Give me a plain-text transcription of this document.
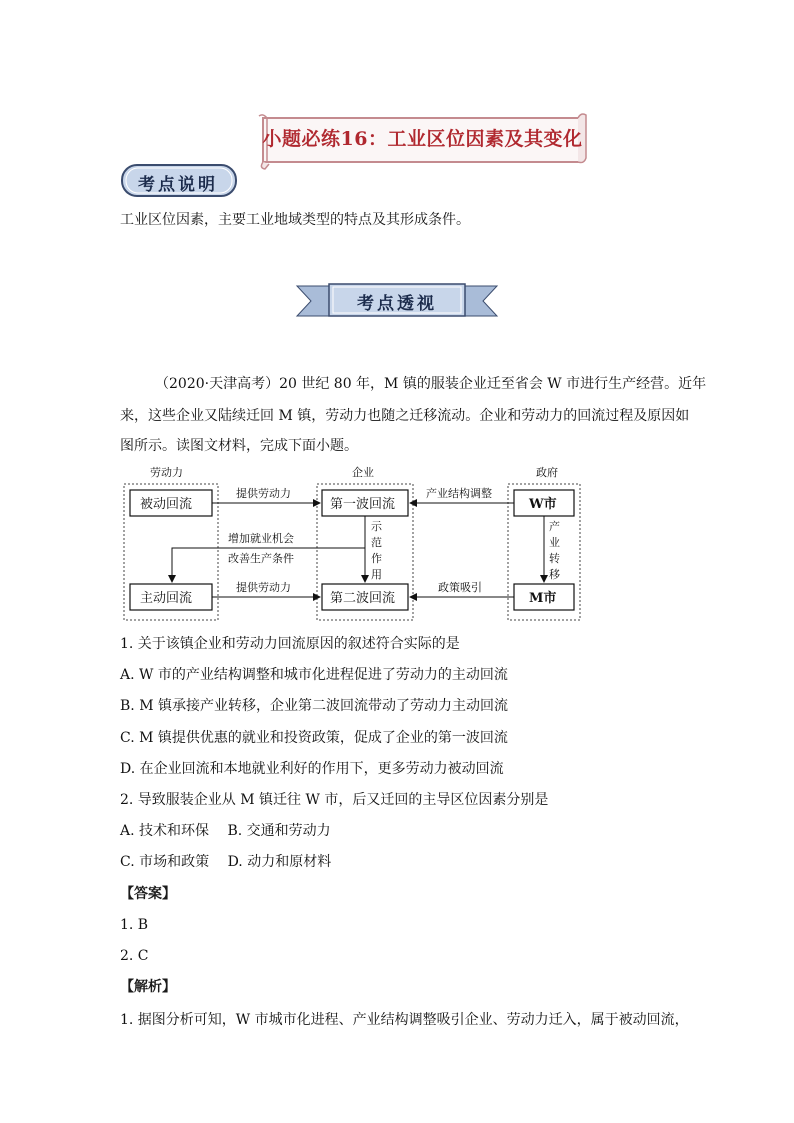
小题必练16：工业区位因素及其变化
考点说明
工业区位因素，主要工业地域类型的特点及其形成条件。
考点透视
（2020·天津高考）20 世纪 80 年，M 镇的服装企业迁至省会 W 市进行生产经营。近年
来，这些企业又陆续迁回 M 镇，劳动力也随之迁移流动。企业和劳动力的回流过程及原因如
图所示。读图文材料，完成下面小题。
劳动力	企业	政府
被动回流	第一波回流	W市
主动回流	第二波回流	M市
提供劳动力
提供劳动力
产业结构调整
政策吸引
示
范
作
用
产
业
转
移
增加就业机会
改善生产条件
1. 关于该镇企业和劳动力回流原因的叙述符合实际的是
A. W 市的产业结构调整和城市化进程促进了劳动力的主动回流
B. M 镇承接产业转移，企业第二波回流带动了劳动力主动回流
C. M 镇提供优惠的就业和投资政策，促成了企业的第一波回流
D. 在企业回流和本地就业利好的作用下，更多劳动力被动回流
2. 导致服装企业从 M 镇迁往 W 市，后又迁回的主导区位因素分别是
A. 技术和环保　 B. 交通和劳动力
C. 市场和政策　 D. 动力和原材料
【答案】
1. B
2. C
【解析】
1. 据图分析可知，W 市城市化进程、产业结构调整吸引企业、劳动力迁入，属于被动回流，
